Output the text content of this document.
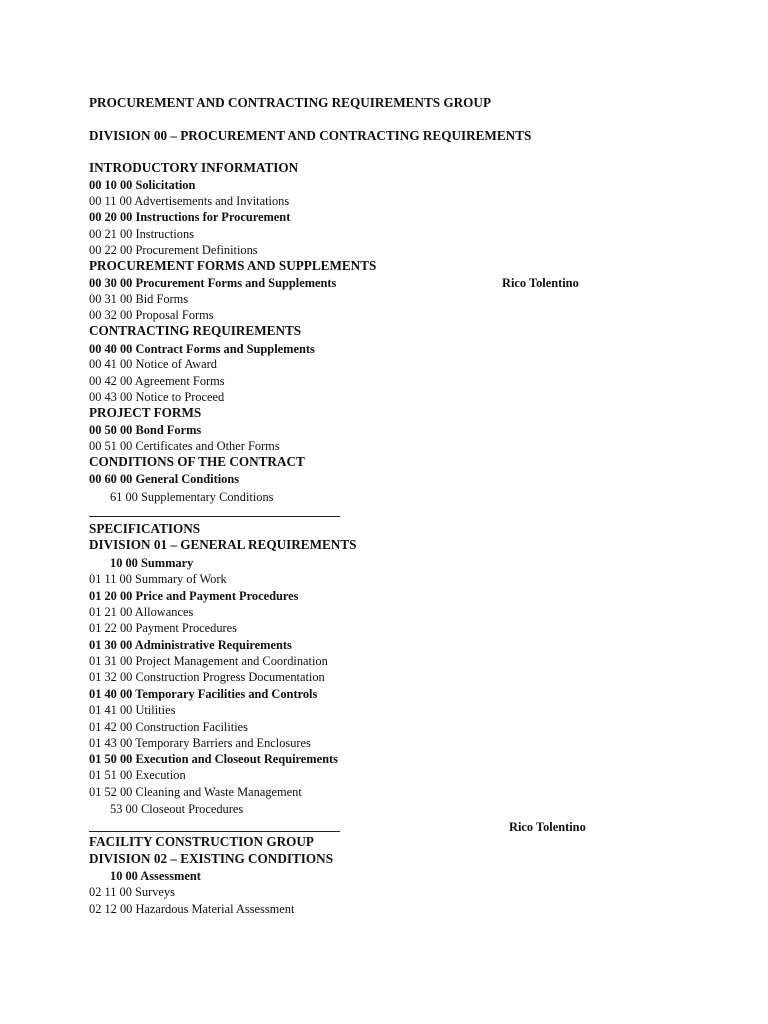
PROCUREMENT AND CONTRACTING REQUIREMENTS GROUP
DIVISION 00 – PROCUREMENT AND CONTRACTING REQUIREMENTS
INTRODUCTORY INFORMATION
00 10 00 Solicitation
00 11 00 Advertisements and Invitations
00 20 00 Instructions for Procurement
00 21 00 Instructions
00 22 00 Procurement Definitions
PROCUREMENT FORMS AND SUPPLEMENTS
00 30 00 Procurement Forms and Supplements	Rico Tolentino
00 31 00 Bid Forms
00 32 00 Proposal Forms
CONTRACTING REQUIREMENTS
00 40 00 Contract Forms and Supplements
00 41 00 Notice of Award
00 42 00 Agreement Forms
00 43 00 Notice to Proceed
PROJECT FORMS
00 50 00 Bond Forms
00 51 00 Certificates and Other Forms
CONDITIONS OF THE CONTRACT
00 60 00 General Conditions
61 00 Supplementary Conditions
SPECIFICATIONS
DIVISION 01 – GENERAL REQUIREMENTS
10 00 Summary
01 11 00 Summary of Work
01 20 00 Price and Payment Procedures
01 21 00 Allowances
01 22 00 Payment Procedures
01 30 00 Administrative Requirements
01 31 00 Project Management and Coordination
01 32 00 Construction Progress Documentation
01 40 00 Temporary Facilities and Controls
01 41 00 Utilities
01 42 00 Construction Facilities
01 43 00 Temporary Barriers and Enclosures
01 50 00 Execution and Closeout Requirements
01 51 00 Execution
01 52 00 Cleaning and Waste Management
53 00 Closeout Procedures
Rico Tolentino
FACILITY CONSTRUCTION GROUP
DIVISION 02 – EXISTING CONDITIONS
10 00 Assessment
02 11 00 Surveys
02 12 00 Hazardous Material Assessment
